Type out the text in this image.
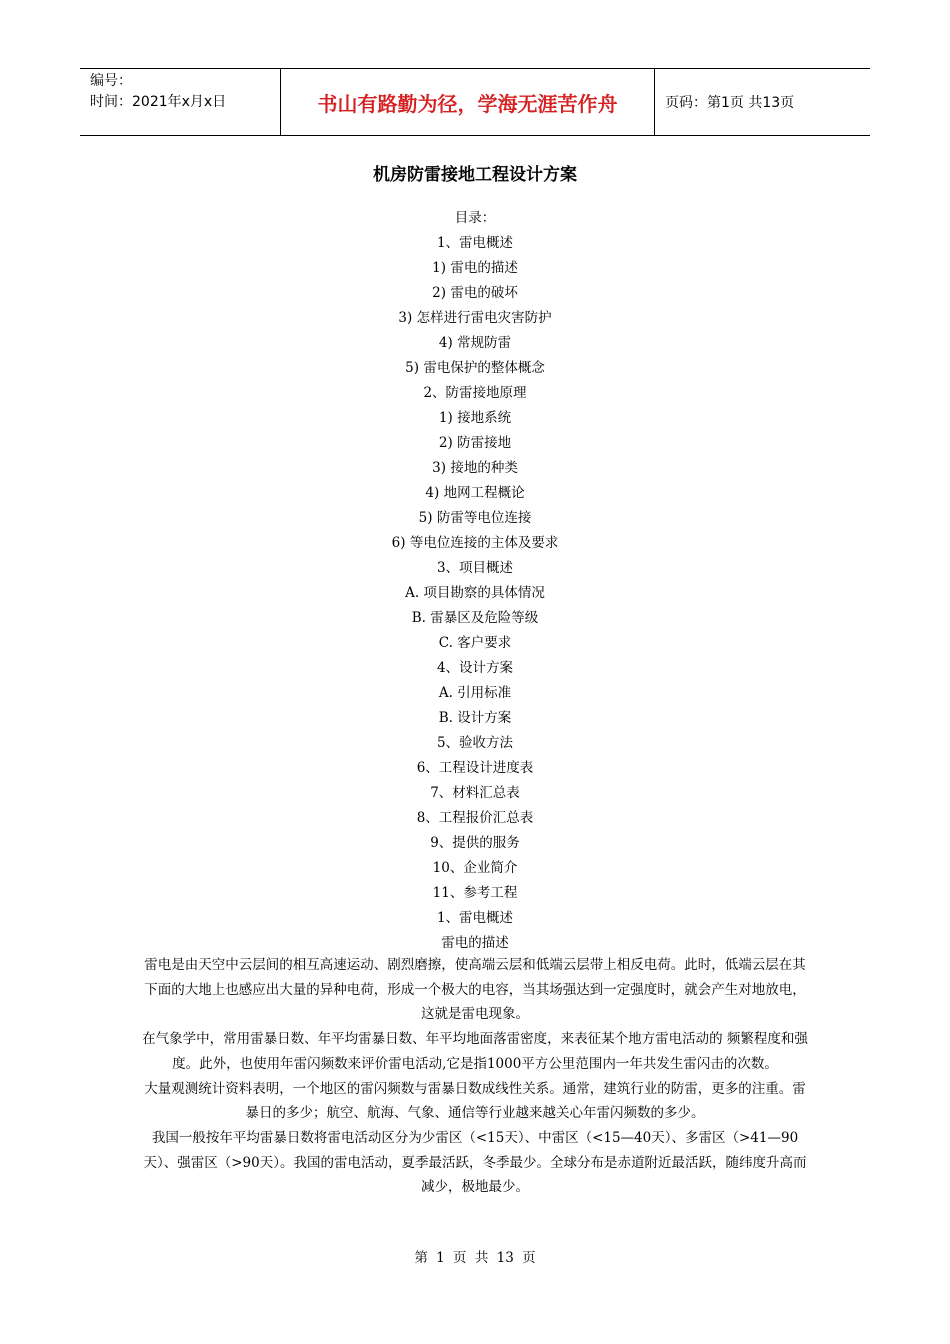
编号：
时间：2021年x月x日	书山有路勤为径，学海无涯苦作舟	页码：第1页 共13页
机房防雷接地工程设计方案
目录：
1、雷电概述
1) 雷电的描述
2) 雷电的破坏
3) 怎样进行雷电灾害防护
4) 常规防雷
5) 雷电保护的整体概念
2、防雷接地原理
1) 接地系统
2) 防雷接地
3) 接地的种类
4) 地网工程概论
5) 防雷等电位连接
6) 等电位连接的主体及要求
3、项目概述
A. 项目勘察的具体情况
B. 雷暴区及危险等级
C. 客户要求
4、设计方案
A. 引用标准
B. 设计方案
5、验收方法
6、工程设计进度表
7、材料汇总表
8、工程报价汇总表
9、提供的服务
10、企业简介
11、参考工程
1、雷电概述
雷电的描述

雷电是由天空中云层间的相互高速运动、剧烈磨擦，使高端云层和低端云层带上相反电荷。此时，低端云层在其下面的大地上也感应出大量的异种电荷，形成一个极大的电容，当其场强达到一定强度时，就会产生对地放电，这就是雷电现象。

在气象学中，常用雷暴日数、年平均雷暴日数、年平均地面落雷密度，来表征某个地方雷电活动的 频繁程度和强度。此外，也使用年雷闪频数来评价雷电活动,它是指1000平方公里范围内一年共发生雷闪击的次数。

大量观测统计资料表明，一个地区的雷闪频数与雷暴日数成线性关系。通常，建筑行业的防雷，更多的注重。雷暴日的多少；航空、航海、气象、通信等行业越来越关心年雷闪频数的多少。

我国一般按年平均雷暴日数将雷电活动区分为少雷区（<15天）、中雷区（<15—40天）、多雷区（>41—90天）、强雷区（>90天）。我国的雷电活动，夏季最活跃，冬季最少。全球分布是赤道附近最活跃，随纬度升高而减少，极地最少。

第 1 页 共 13 页
